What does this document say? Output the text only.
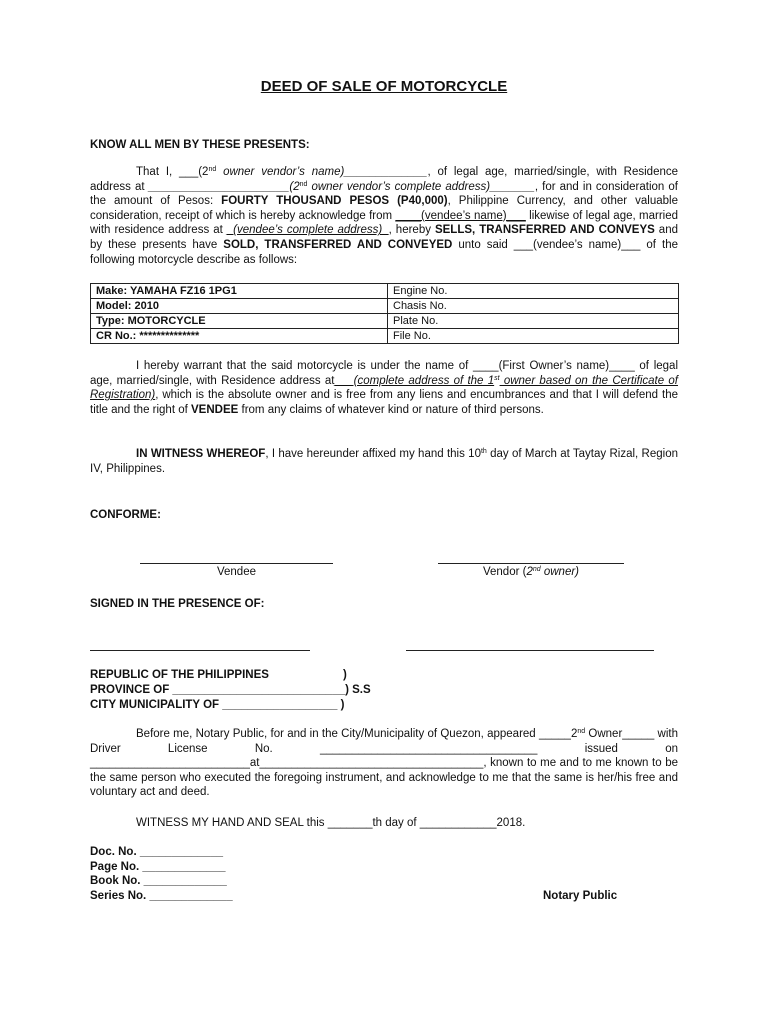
DEED OF SALE OF MOTORCYCLE
KNOW ALL MEN BY THESE PRESENTS:

That I, ___(2nd owner vendor’s name)_____________, of legal age, married/single, with Residence address at ______________________(2nd owner vendor’s complete address)_______, for and in consideration of the amount of Pesos: FOURTY THOUSAND PESOS (P40,000), Philippine Currency, and other valuable consideration, receipt of which is hereby acknowledge from ____(vendee’s name)___ likewise of legal age, married with residence address at _(vendee’s complete address)_, hereby SELLS, TRANSFERRED AND CONVEYS and by these presents have SOLD, TRANSFERRED AND CONVEYED unto said ___(vendee’s name)___ of the following motorcycle describe as follows:

Make: YAMAHA FZ16 1PG1	Engine No.
Model: 2010	Chasis No.
Type: MOTORCYCLE	Plate No.
CR No.: **************	File No.

I hereby warrant that the said motorcycle is under the name of ____(First Owner’s name)____ of legal age, married/single, with Residence address at___(complete address of the 1st owner based on the Certificate of Registration), which is the absolute owner and is free from any liens and encumbrances and that I will defend the title and the right of VENDEE from any claims of whatever kind or nature of third persons.

IN WITNESS WHEREOF, I have hereunder affixed my hand this 10th day of March at Taytay Rizal, Region IV, Philippines.

CONFORME:
Vendee	Vendor (2nd owner)
SIGNED IN THE PRESENCE OF:
REPUBLIC OF THE PHILIPPINES	)
PROVINCE OF ___________________________) S.S
CITY MUNICIPALITY OF __________________ )

Before me, Notary Public, for and in the City/Municipality of Quezon, appeared _____2nd Owner_____ with Driver License No. __________________________________ issued on _________________________at___________________________________, known to me and to me known to be the same person who executed the foregoing instrument, and acknowledge to me that the same is her/his free and voluntary act and deed.

WITNESS MY HAND AND SEAL this _______th day of ____________2018.
Doc. No. _____________
Page No. _____________
Book No. _____________
Series No. _____________	Notary Public
